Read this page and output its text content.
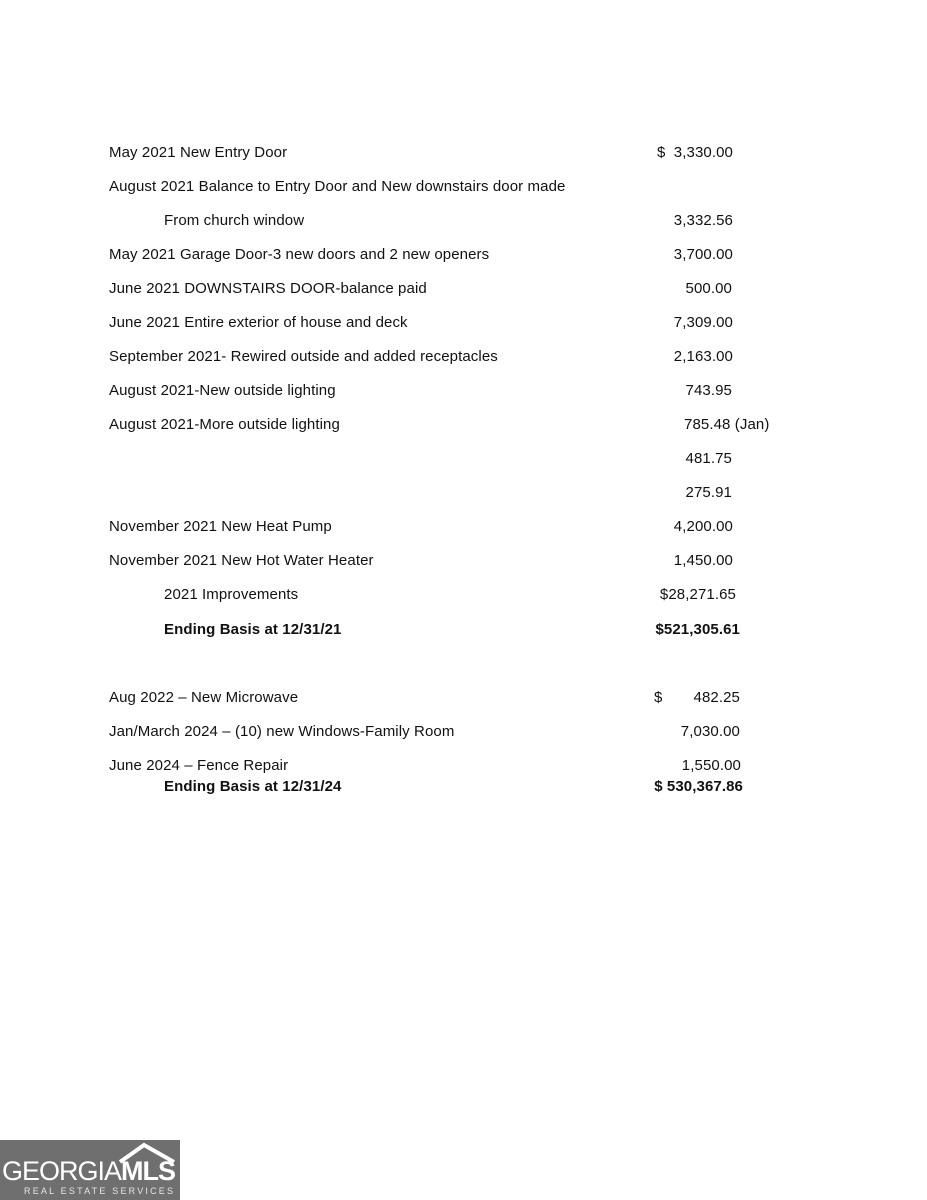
May 2021 New Entry Door	$ 3,330.00
August 2021 Balance to Entry Door and New downstairs door made
From church window	3,332.56
May 2021 Garage Door-3 new doors and 2 new openers	3,700.00
June 2021 DOWNSTAIRS DOOR-balance paid	500.00
June 2021 Entire exterior of house and deck	7,309.00
September 2021- Rewired outside and added receptacles	2,163.00
August 2021-New outside lighting	743.95
August 2021-More outside lighting	785.48 (Jan)
481.75
275.91
November 2021 New Heat Pump	4,200.00
November 2021 New Hot Water Heater	1,450.00
2021 Improvements	$28,271.65
Ending Basis at 12/31/21	$521,305.61
Aug 2022 – New Microwave	$	482.25
Jan/March 2024 – (10) new Windows-Family Room	7,030.00
June 2024 – Fence Repair	1,550.00
Ending Basis at 12/31/24	$ 530,367.86
GEORGIAMLS
REAL ESTATE SERVICES
